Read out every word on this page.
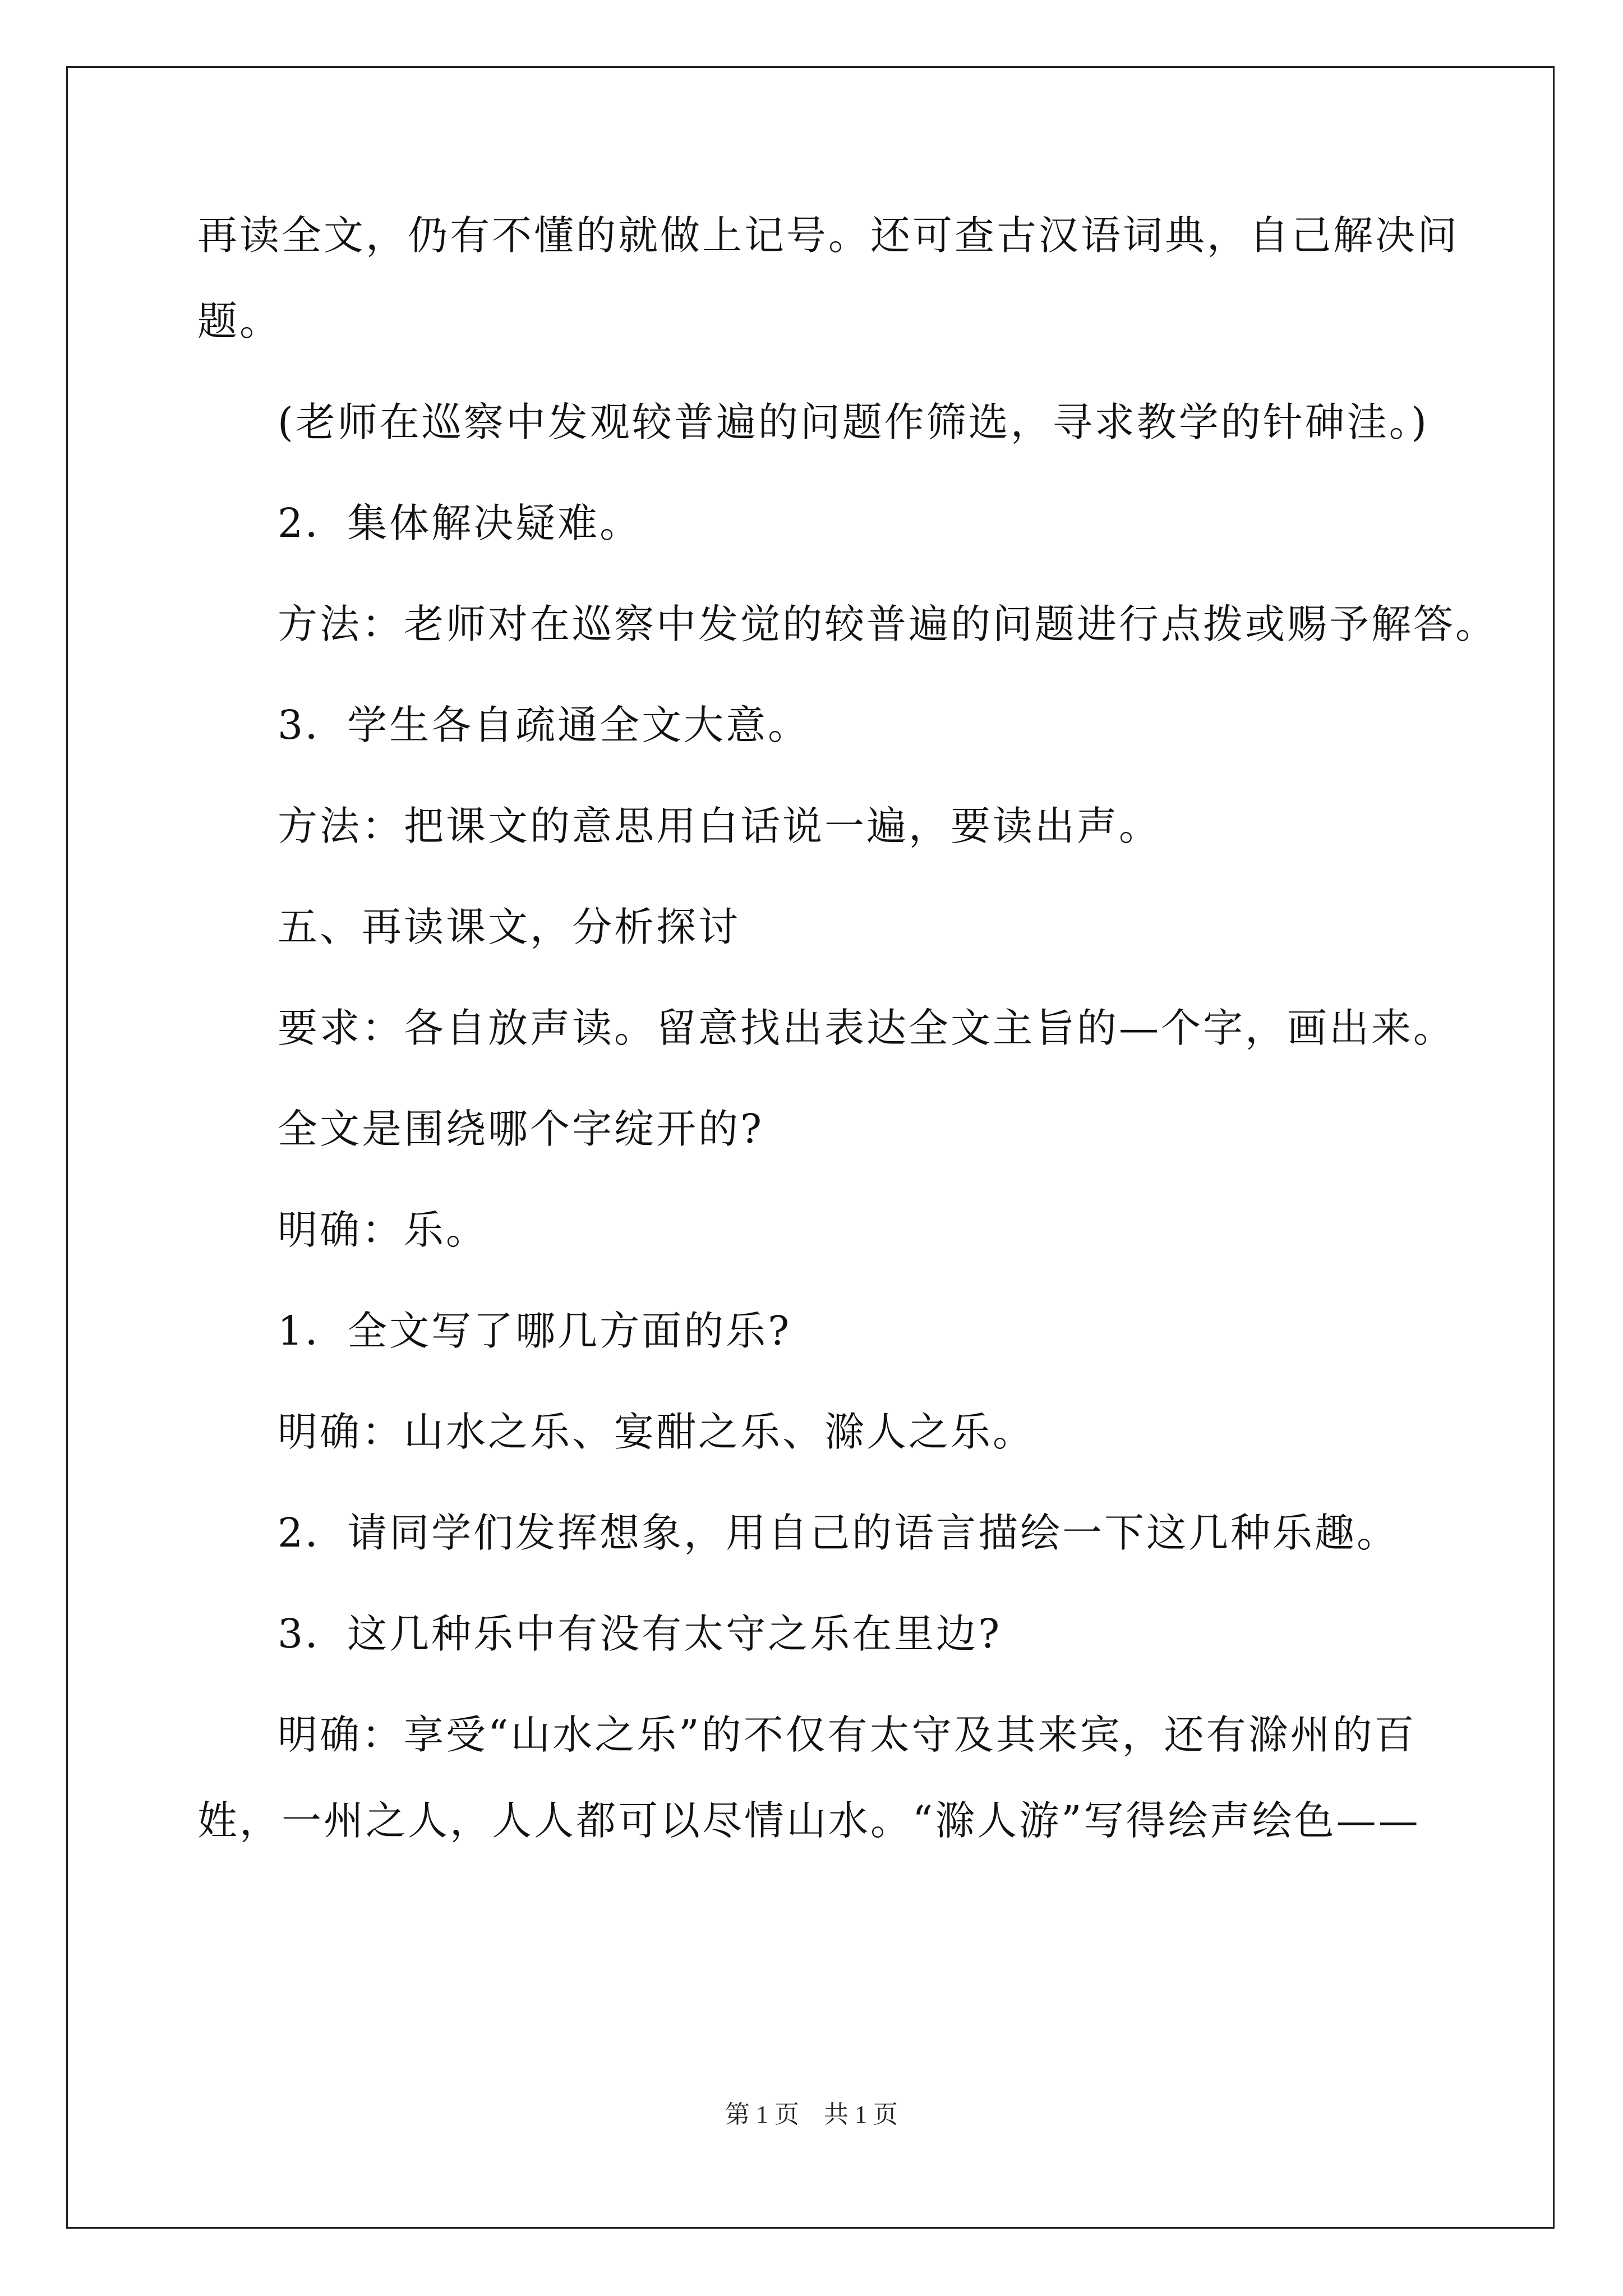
再读全文，仍有不懂的就做上记号。还可查古汉语词典，自己解决问
题。
(老师在巡察中发观较普遍的问题作筛选，寻求教学的针砷洼。)
2．集体解决疑难。
方法：老师对在巡察中发觉的较普遍的问题进行点拨或赐予解答。
3．学生各自疏通全文大意。
方法：把课文的意思用白话说一遍，要读出声。
五、再读课文，分析探讨
要求：各自放声读。留意找出表达全文主旨的—个字，画出来。
全文是围绕哪个字绽开的?
明确：乐。
1．全文写了哪几方面的乐?
明确：山水之乐、宴酣之乐、滁人之乐。
2．请同学们发挥想象，用自己的语言描绘一下这几种乐趣。
3．这几种乐中有没有太守之乐在里边?
明确：享受“山水之乐”的不仅有太守及其来宾，还有滁州的百
姓，一州之人，人人都可以尽情山水。“滁人游”写得绘声绘色——
第 1 页　共 1 页
